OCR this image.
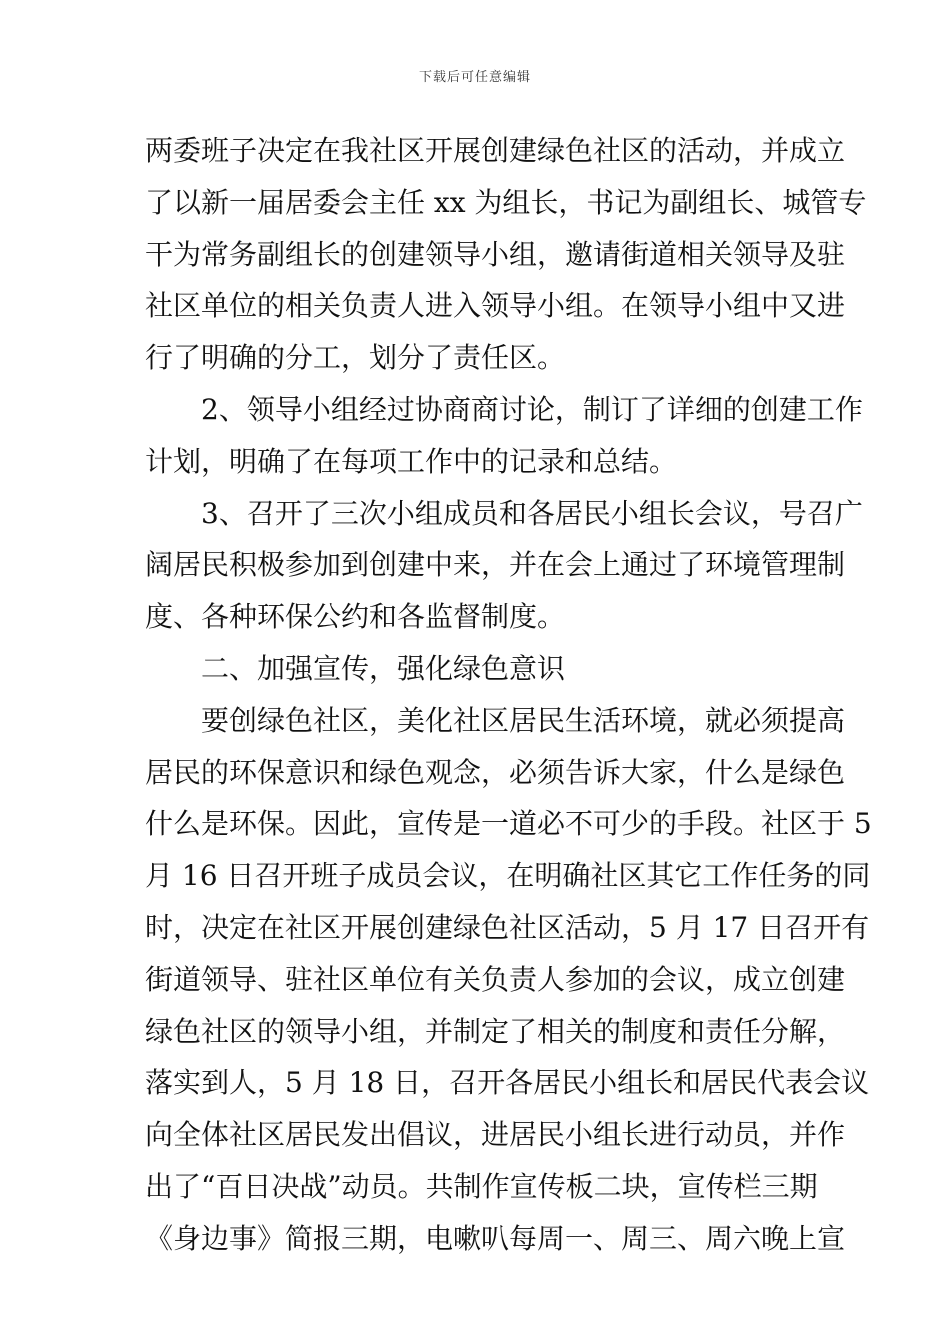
下载后可任意编辑
两委班子决定在我社区开展创建绿色社区的活动，并成立
了以新一届居委会主任 xx 为组长，书记为副组长、城管专
干为常务副组长的创建领导小组，邀请街道相关领导及驻
社区单位的相关负责人进入领导小组。在领导小组中又进
行了明确的分工，划分了责任区。
2、领导小组经过协商商讨论，制订了详细的创建工作
计划，明确了在每项工作中的记录和总结。
3、召开了三次小组成员和各居民小组长会议，号召广
阔居民积极参加到创建中来，并在会上通过了环境管理制
度、各种环保公约和各监督制度。
二、加强宣传，强化绿色意识
要创绿色社区，美化社区居民生活环境，就必须提高
居民的环保意识和绿色观念，必须告诉大家，什么是绿色
什么是环保。因此，宣传是一道必不可少的手段。社区于 5
月 16 日召开班子成员会议，在明确社区其它工作任务的同
时，决定在社区开展创建绿色社区活动，5 月 17 日召开有
街道领导、驻社区单位有关负责人参加的会议，成立创建
绿色社区的领导小组，并制定了相关的制度和责任分解，
落实到人，5 月 18 日，召开各居民小组长和居民代表会议
向全体社区居民发出倡议，进居民小组长进行动员，并作
出了“百日决战”动员。共制作宣传板二块，宣传栏三期
《身边事》简报三期，电嗽叭每周一、周三、周六晚上宣
